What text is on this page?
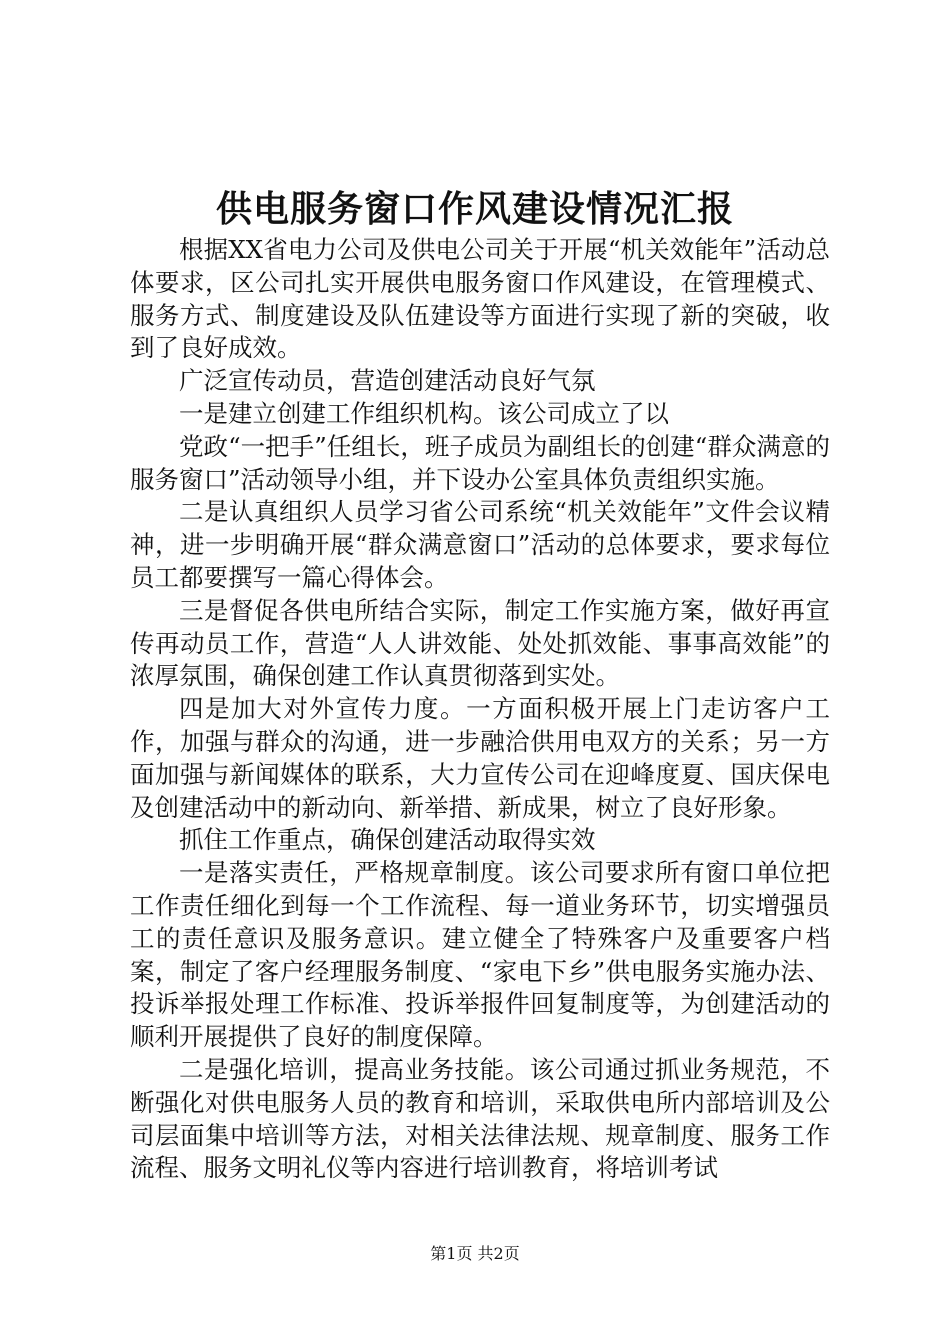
供电服务窗口作风建设情况汇报

根据XX省电力公司及供电公司关于开展“机关效能年”活动总体要求，区公司扎实开展供电服务窗口作风建设，在管理模式、服务方式、制度建设及队伍建设等方面进行实现了新的突破，收到了良好成效。

广泛宣传动员，营造创建活动良好气氛

一是建立创建工作组织机构。该公司成立了以

党政“一把手”任组长，班子成员为副组长的创建“群众满意的服务窗口”活动领导小组，并下设办公室具体负责组织实施。

二是认真组织人员学习省公司系统“机关效能年”文件会议精神，进一步明确开展“群众满意窗口”活动的总体要求，要求每位员工都要撰写一篇心得体会。

三是督促各供电所结合实际，制定工作实施方案，做好再宣传再动员工作，营造“人人讲效能、处处抓效能、事事高效能”的浓厚氛围，确保创建工作认真贯彻落到实处。

四是加大对外宣传力度。一方面积极开展上门走访客户工作，加强与群众的沟通，进一步融洽供用电双方的关系；另一方面加强与新闻媒体的联系，大力宣传公司在迎峰度夏、国庆保电及创建活动中的新动向、新举措、新成果，树立了良好形象。

抓住工作重点，确保创建活动取得实效

一是落实责任，严格规章制度。该公司要求所有窗口单位把工作责任细化到每一个工作流程、每一道业务环节，切实增强员工的责任意识及服务意识。建立健全了特殊客户及重要客户档案，制定了客户经理服务制度、“家电下乡”供电服务实施办法、投诉举报处理工作标准、投诉举报件回复制度等，为创建活动的顺利开展提供了良好的制度保障。

二是强化培训，提高业务技能。该公司通过抓业务规范，不断强化对供电服务人员的教育和培训，采取供电所内部培训及公司层面集中培训等方法，对相关法律法规、规章制度、服务工作流程、服务文明礼仪等内容进行培训教育，将培训考试

第1页 共2页
